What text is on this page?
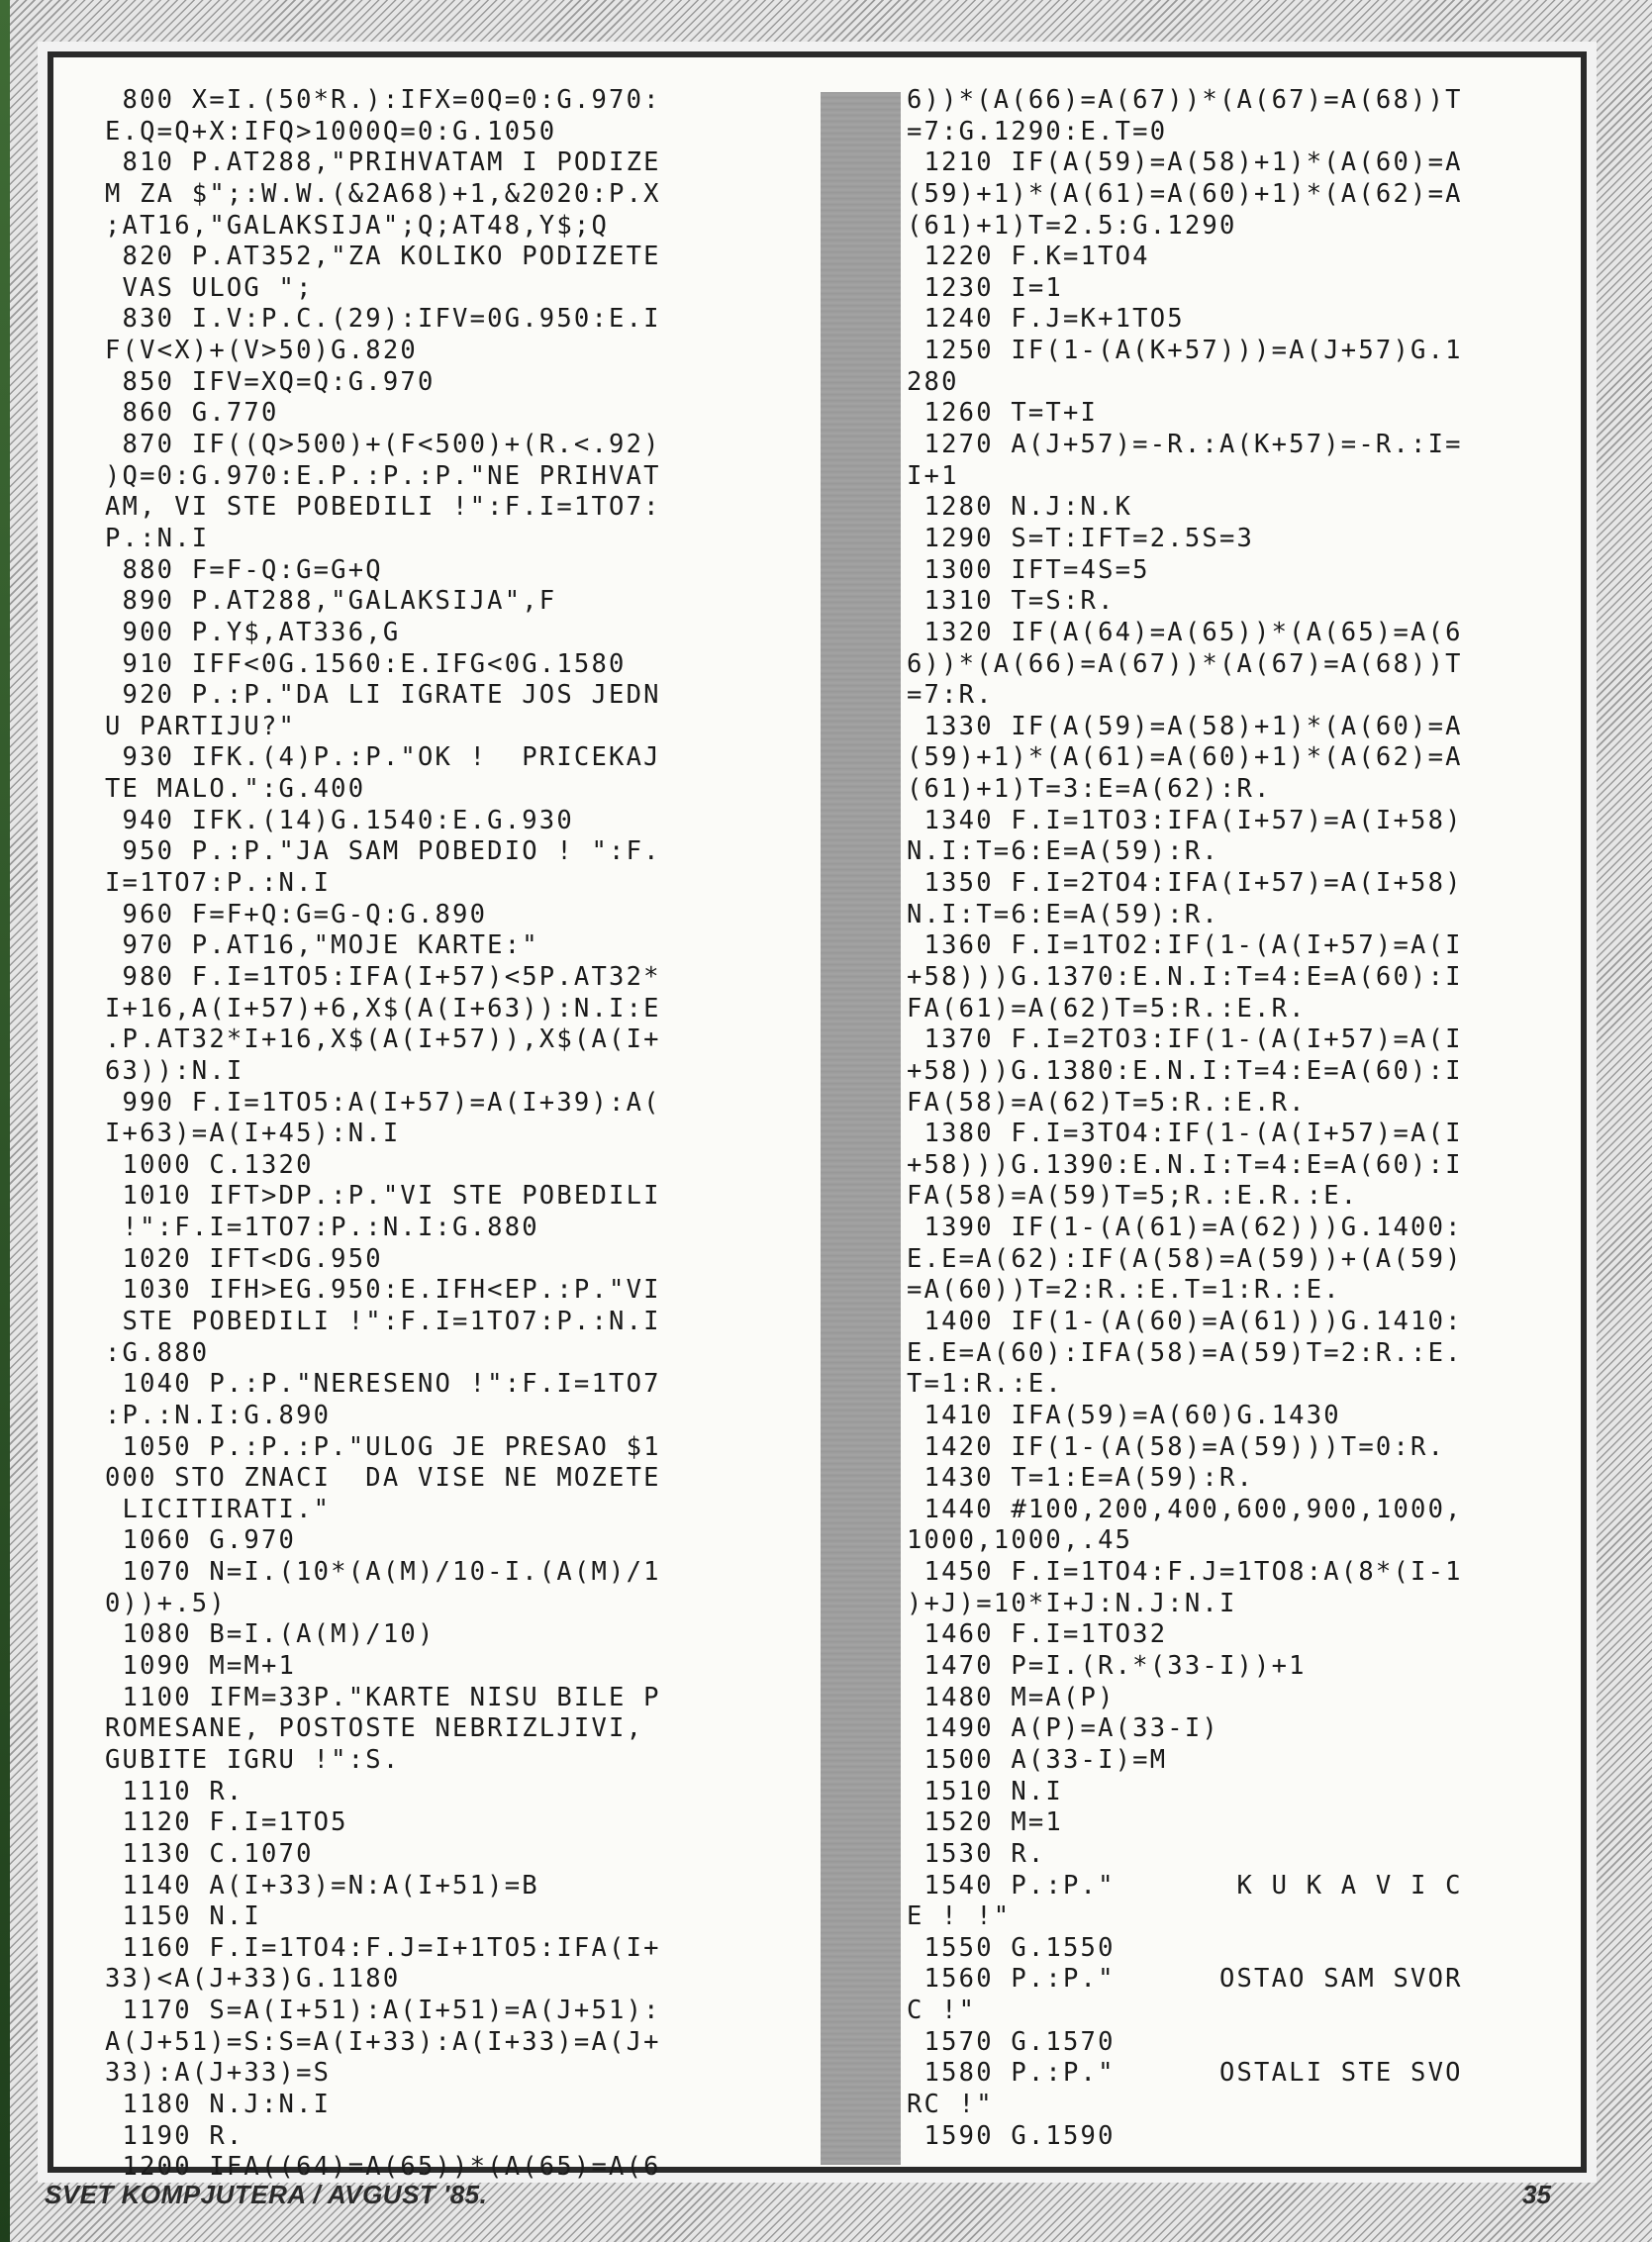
800 X=I.(50*R.):IFX=0Q=0:G.970:
E.Q=Q+X:IFQ>1000Q=0:G.1050
810 P.AT288,"PRIHVATAM I PODIZE
M ZA $";:W.W.(&2A68)+1,&2020:P.X
;AT16,"GALAKSIJA";Q;AT48,Y$;Q
820 P.AT352,"ZA KOLIKO PODIZETE
VAS ULOG ";
830 I.V:P.C.(29):IFV=0G.950:E.I
F(V<X)+(V>50)G.820
850 IFV=XQ=Q:G.970
860 G.770
870 IF((Q>500)+(F<500)+(R.<.92)
)Q=0:G.970:E.P.:P.:P."NE PRIHVAT
AM, VI STE POBEDILI !":F.I=1TO7:
P.:N.I
880 F=F-Q:G=G+Q
890 P.AT288,"GALAKSIJA",F
900 P.Y$,AT336,G
910 IFF<0G.1560:E.IFG<0G.1580
920 P.:P."DA LI IGRATE JOS JEDN
U PARTIJU?"
930 IFK.(4)P.:P."OK !  PRICEKAJ
TE MALO.":G.400
940 IFK.(14)G.1540:E.G.930
950 P.:P."JA SAM POBEDIO ! ":F.
I=1TO7:P.:N.I
960 F=F+Q:G=G-Q:G.890
970 P.AT16,"MOJE KARTE:"
980 F.I=1TO5:IFA(I+57)<5P.AT32*
I+16,A(I+57)+6,X$(A(I+63)):N.I:E
.P.AT32*I+16,X$(A(I+57)),X$(A(I+
63)):N.I
990 F.I=1TO5:A(I+57)=A(I+39):A(
I+63)=A(I+45):N.I
1000 C.1320
1010 IFT>DP.:P."VI STE POBEDILI
!":F.I=1TO7:P.:N.I:G.880
1020 IFT<DG.950
1030 IFH>EG.950:E.IFH<EP.:P."VI
STE POBEDILI !":F.I=1TO7:P.:N.I
:G.880
1040 P.:P."NERESENO !":F.I=1TO7
:P.:N.I:G.890
1050 P.:P.:P."ULOG JE PRESAO $1
000 STO ZNACI  DA VISE NE MOZETE
LICITIRATI."
1060 G.970
1070 N=I.(10*(A(M)/10-I.(A(M)/1
0))+.5)
1080 B=I.(A(M)/10)
1090 M=M+1
1100 IFM=33P."KARTE NISU BILE P
ROMESANE, POSTOSTE NEBRIZLJIVI,
GUBITE IGRU !":S.
1110 R.
1120 F.I=1TO5
1130 C.1070
1140 A(I+33)=N:A(I+51)=B
1150 N.I
1160 F.I=1TO4:F.J=I+1TO5:IFA(I+
33)<A(J+33)G.1180
1170 S=A(I+51):A(I+51)=A(J+51):
A(J+51)=S:S=A(I+33):A(I+33)=A(J+
33):A(J+33)=S
1180 N.J:N.I
1190 R.
1200 IFA((64)=A(65))*(A(65)=A(6
6))*(A(66)=A(67))*(A(67)=A(68))T
=7:G.1290:E.T=0
1210 IF(A(59)=A(58)+1)*(A(60)=A
(59)+1)*(A(61)=A(60)+1)*(A(62)=A
(61)+1)T=2.5:G.1290
1220 F.K=1TO4
1230 I=1
1240 F.J=K+1TO5
1250 IF(1-(A(K+57)))=A(J+57)G.1
280
1260 T=T+I
1270 A(J+57)=-R.:A(K+57)=-R.:I=
I+1
1280 N.J:N.K
1290 S=T:IFT=2.5S=3
1300 IFT=4S=5
1310 T=S:R.
1320 IF(A(64)=A(65))*(A(65)=A(6
6))*(A(66)=A(67))*(A(67)=A(68))T
=7:R.
1330 IF(A(59)=A(58)+1)*(A(60)=A
(59)+1)*(A(61)=A(60)+1)*(A(62)=A
(61)+1)T=3:E=A(62):R.
1340 F.I=1TO3:IFA(I+57)=A(I+58)
N.I:T=6:E=A(59):R.
1350 F.I=2TO4:IFA(I+57)=A(I+58)
N.I:T=6:E=A(59):R.
1360 F.I=1TO2:IF(1-(A(I+57)=A(I
+58)))G.1370:E.N.I:T=4:E=A(60):I
FA(61)=A(62)T=5:R.:E.R.
1370 F.I=2TO3:IF(1-(A(I+57)=A(I
+58)))G.1380:E.N.I:T=4:E=A(60):I
FA(58)=A(62)T=5:R.:E.R.
1380 F.I=3TO4:IF(1-(A(I+57)=A(I
+58)))G.1390:E.N.I:T=4:E=A(60):I
FA(58)=A(59)T=5;R.:E.R.:E.
1390 IF(1-(A(61)=A(62)))G.1400:
E.E=A(62):IF(A(58)=A(59))+(A(59)
=A(60))T=2:R.:E.T=1:R.:E.
1400 IF(1-(A(60)=A(61)))G.1410:
E.E=A(60):IFA(58)=A(59)T=2:R.:E.
T=1:R.:E.
1410 IFA(59)=A(60)G.1430
1420 IF(1-(A(58)=A(59)))T=0:R.
1430 T=1:E=A(59):R.
1440 #100,200,400,600,900,1000,
1000,1000,.45
1450 F.I=1TO4:F.J=1TO8:A(8*(I-1
)+J)=10*I+J:N.J:N.I
1460 F.I=1TO32
1470 P=I.(R.*(33-I))+1
1480 M=A(P)
1490 A(P)=A(33-I)
1500 A(33-I)=M
1510 N.I
1520 M=1
1530 R.
1540 P.:P."       K U K A V I C
E ! !"
1550 G.1550
1560 P.:P."      OSTAO SAM SVOR
C !"
1570 G.1570
1580 P.:P."      OSTALI STE SVO
RC !"
1590 G.1590
SVET KOMPJUTERA / AVGUST '85.	35
